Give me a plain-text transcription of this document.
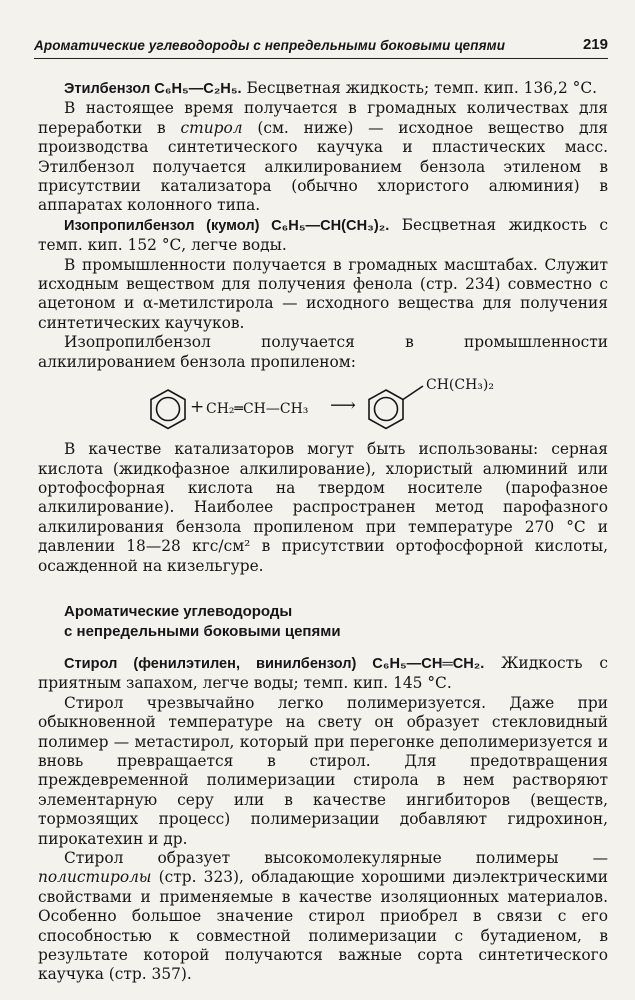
Ароматические углеводороды с непредельными боковыми цепями	219

Этилбензол C₆H₅—C₂H₅. Бесцветная жидкость; темп. кип. 136,2 °С.

В настоящее время получается в громадных количествах для переработки в стирол (см. ниже) — исходное вещество для производства синтетического каучука и пластических масс. Этилбензол получается алкилированием бензола этиленом в присутствии катализатора (обычно хлористого алюминия) в аппаратах колонного типа.

Изопропилбензол (кумол) C₆H₅—CH(CH₃)₂. Бесцветная жидкость с темп. кип. 152 °С, легче воды.

В промышленности получается в громадных масштабах. Служит исходным веществом для получения фенола (стр. 234) совместно с ацетоном и α-метилстирола — исходного вещества для получения синтетических каучуков.

Изопропилбензол получается в промышленности алкилированием бензола пропиленом:

+ CH₂═CH—CH₃ ⟶
CH(CH₃)₂

В качестве катализаторов могут быть использованы: серная кислота (жидкофазное алкилирование), хлористый алюминий или ортофосфорная кислота на твердом носителе (парофазное алкилирование). Наиболее распространен метод парофазного алкилирования бензола пропиленом при температуре 270 °С и давлении 18—28 кгс/см² в присутствии ортофосфорной кислоты, осажденной на кизельгуре.

Ароматические углеводороды
с непредельными боковыми цепями

Стирол (фенилэтилен, винилбензол) C₆H₅—CH═CH₂. Жидкость с приятным запахом, легче воды; темп. кип. 145 °С.

Стирол чрезвычайно легко полимеризуется. Даже при обыкновенной температуре на свету он образует стекловидный полимер — метастирол, который при перегонке деполимеризуется и вновь превращается в стирол. Для предотвращения преждевременной полимеризации стирола в нем растворяют элементарную серу или в качестве ингибиторов (веществ, тормозящих процесс) полимеризации добавляют гидрохинон, пирокатехин и др.

Стирол образует высокомолекулярные полимеры — полистиролы (стр. 323), обладающие хорошими диэлектрическими свойствами и применяемые в качестве изоляционных материалов. Особенно большое значение стирол приобрел в связи с его способностью к совместной полимеризации с бутадиеном, в результате которой получаются важные сорта синтетического каучука (стр. 357).
